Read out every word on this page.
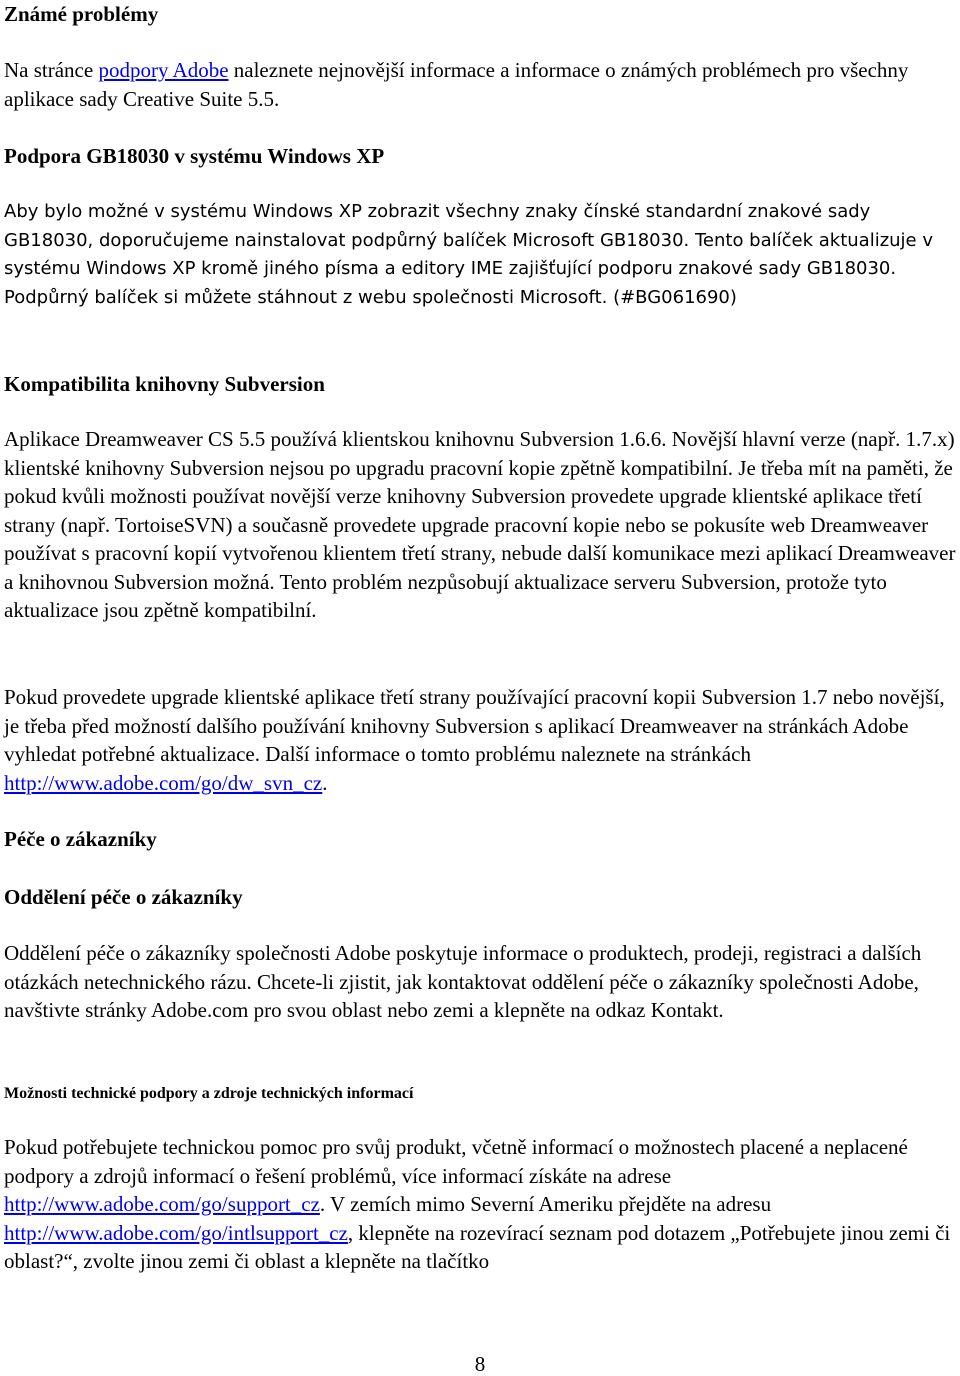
Známé problémy

Na stránce podpory Adobe naleznete nejnovější informace a informace o známých problémech pro všechny aplikace sady Creative Suite 5.5.

Podpora GB18030 v systému Windows XP

Aby bylo možné v systému Windows XP zobrazit všechny znaky čínské standardní znakové sady GB18030, doporučujeme nainstalovat podpůrný balíček Microsoft GB18030. Tento balíček aktualizuje v systému Windows XP kromě jiného písma a editory IME zajišťující podporu znakové sady GB18030. Podpůrný balíček si můžete stáhnout z webu společnosti Microsoft. (#BG061690)

Kompatibilita knihovny Subversion

Aplikace Dreamweaver CS 5.5 používá klientskou knihovnu Subversion 1.6.6. Novější hlavní verze (např. 1.7.x) klientské knihovny Subversion nejsou po upgradu pracovní kopie zpětně kompatibilní. Je třeba mít na paměti, že pokud kvůli možnosti používat novější verze knihovny Subversion provedete upgrade klientské aplikace třetí strany (např. TortoiseSVN) a současně provedete upgrade pracovní kopie nebo se pokusíte web Dreamweaver používat s pracovní kopií vytvořenou klientem třetí strany, nebude další komunikace mezi aplikací Dreamweaver a knihovnou Subversion možná. Tento problém nezpůsobují aktualizace serveru Subversion, protože tyto aktualizace jsou zpětně kompatibilní.

Pokud provedete upgrade klientské aplikace třetí strany používající pracovní kopii Subversion 1.7 nebo novější, je třeba před možností dalšího používání knihovny Subversion s aplikací Dreamweaver na stránkách Adobe vyhledat potřebné aktualizace. Další informace o tomto problému naleznete na stránkách http://www.adobe.com/go/dw_svn_cz.

Péče o zákazníky
Oddělení péče o zákazníky

Oddělení péče o zákazníky společnosti Adobe poskytuje informace o produktech, prodeji, registraci a dalších otázkách netechnického rázu. Chcete-li zjistit, jak kontaktovat oddělení péče o zákazníky společnosti Adobe, navštivte stránky Adobe.com pro svou oblast nebo zemi a klepněte na odkaz Kontakt.

Možnosti technické podpory a zdroje technických informací

Pokud potřebujete technickou pomoc pro svůj produkt, včetně informací o možnostech placené a neplacené podpory a zdrojů informací o řešení problémů, více informací získáte na adrese http://www.adobe.com/go/support_cz. V zemích mimo Severní Ameriku přejděte na adresu http://www.adobe.com/go/intlsupport_cz, klepněte na rozevírací seznam pod dotazem „Potřebujete jinou zemi či oblast?“, zvolte jinou zemi či oblast a klepněte na tlačítko

8
